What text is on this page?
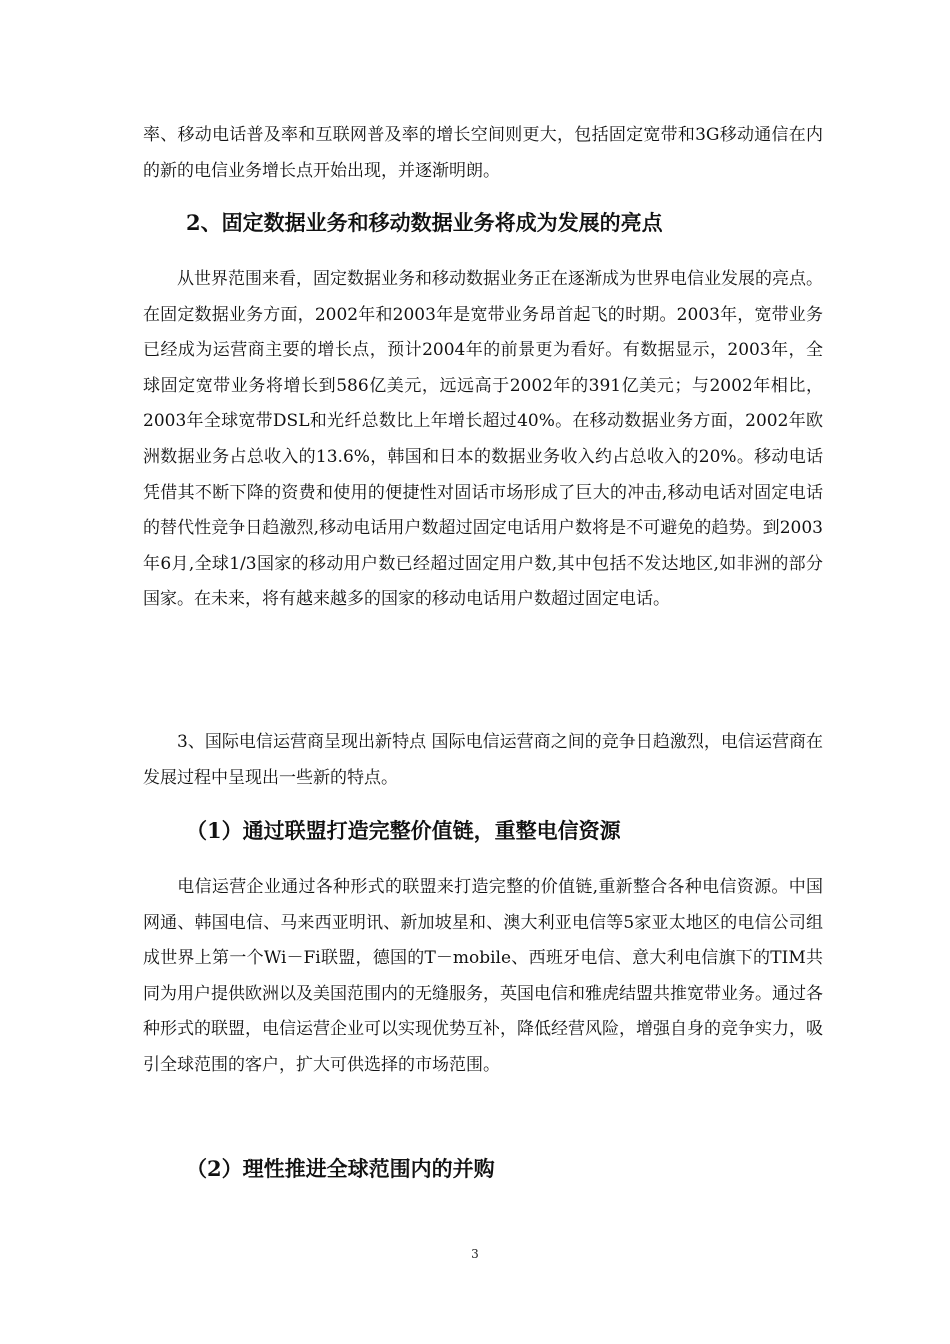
率、移动电话普及率和互联网普及率的增长空间则更大，包括固定宽带和3G移动通信在内的新的电信业务增长点开始出现，并逐渐明朗。

2、固定数据业务和移动数据业务将成为发展的亮点

从世界范围来看，固定数据业务和移动数据业务正在逐渐成为世界电信业发展的亮点。在固定数据业务方面，2002年和2003年是宽带业务昂首起飞的时期。2003年，宽带业务已经成为运营商主要的增长点，预计2004年的前景更为看好。有数据显示，2003年，全球固定宽带业务将增长到586亿美元，远远高于2002年的391亿美元；与2002年相比，2003年全球宽带DSL和光纤总数比上年增长超过40%。在移动数据业务方面，2002年欧洲数据业务占总收入的13.6%，韩国和日本的数据业务收入约占总收入的20%。移动电话凭借其不断下降的资费和使用的便捷性对固话市场形成了巨大的冲击,移动电话对固定电话的替代性竞争日趋激烈,移动电话用户数超过固定电话用户数将是不可避免的趋势。到2003年6月,全球1/3国家的移动用户数已经超过固定用户数,其中包括不发达地区,如非洲的部分国家。在未来，将有越来越多的国家的移动电话用户数超过固定电话。

3、国际电信运营商呈现出新特点 国际电信运营商之间的竞争日趋激烈，电信运营商在发展过程中呈现出一些新的特点。

（1）通过联盟打造完整价值链，重整电信资源

电信运营企业通过各种形式的联盟来打造完整的价值链,重新整合各种电信资源。中国网通、韩国电信、马来西亚明讯、新加坡星和、澳大利亚电信等5家亚太地区的电信公司组成世界上第一个Wi－Fi联盟，德国的T－mobile、西班牙电信、意大利电信旗下的TIM共同为用户提供欧洲以及美国范围内的无缝服务，英国电信和雅虎结盟共推宽带业务。通过各种形式的联盟，电信运营企业可以实现优势互补，降低经营风险，增强自身的竞争实力，吸引全球范围的客户，扩大可供选择的市场范围。

（2）理性推进全球范围内的并购
3
